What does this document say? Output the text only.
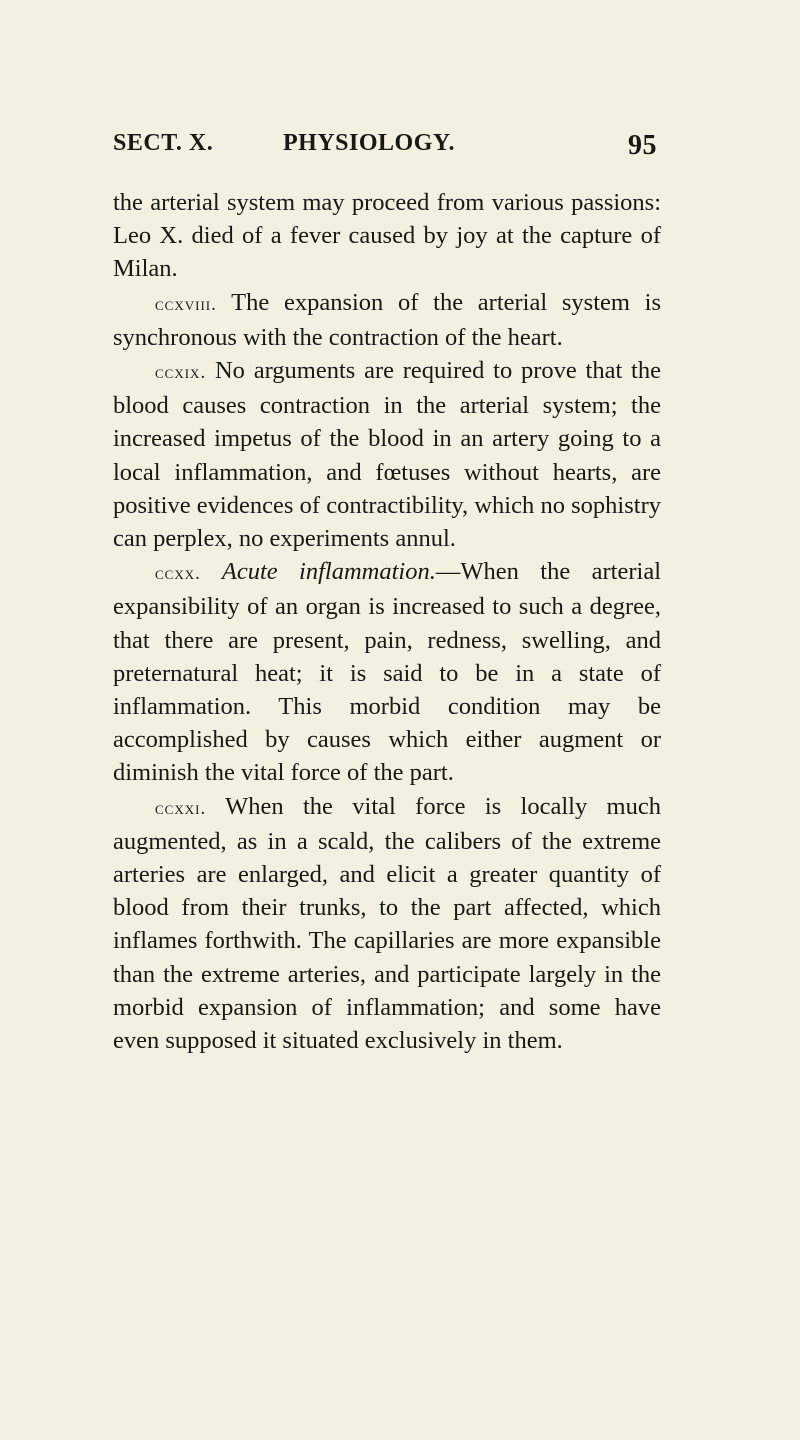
SECT. X.	PHYSIOLOGY.	95

the arterial system may proceed from various passions: Leo X. died of a fever caused by joy at the capture of Milan.

ccxviii. The expansion of the arterial system is synchronous with the contraction of the heart.

ccxix. No arguments are required to prove that the blood causes contraction in the arterial system; the increased impetus of the blood in an artery going to a local inflammation, and fœtuses without hearts, are positive evidences of contractibility, which no sophistry can perplex, no experiments annul.

ccxx. Acute inflammation.—When the arterial expansibility of an organ is increased to such a degree, that there are present, pain, redness, swelling, and preternatural heat; it is said to be in a state of inflammation. This morbid condition may be accomplished by causes which either augment or diminish the vital force of the part.

ccxxi. When the vital force is locally much augmented, as in a scald, the calibers of the extreme arteries are enlarged, and elicit a greater quantity of blood from their trunks, to the part affected, which inflames forthwith. The capillaries are more expansible than the extreme arteries, and participate largely in the morbid expansion of inflammation; and some have even supposed it situated exclusively in them.
